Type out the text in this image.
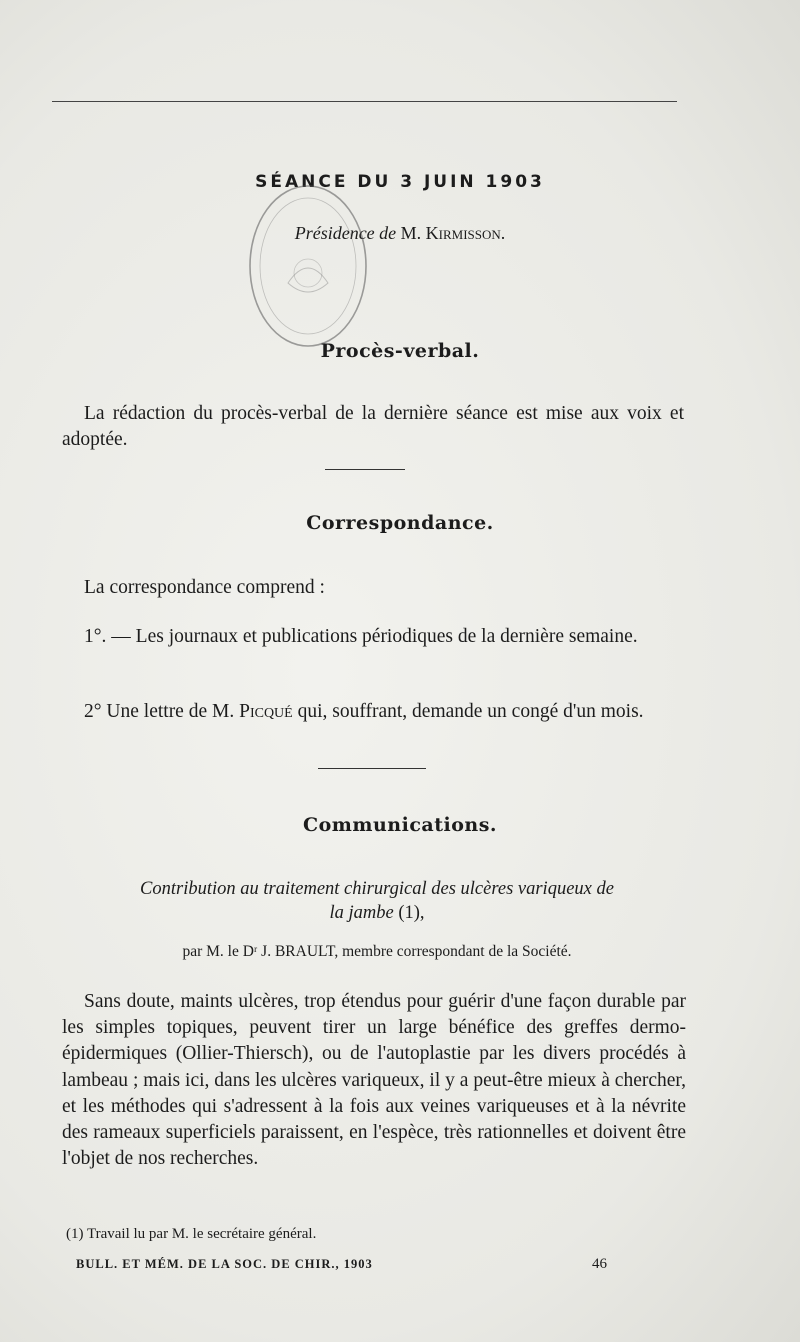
SÉANCE DU 3 JUIN 1903
Présidence de M. Kirmisson.
Procès-verbal.
La rédaction du procès-verbal de la dernière séance est mise aux voix et adoptée.
Correspondance.
La correspondance comprend :
1°. — Les journaux et publications périodiques de la dernière semaine.
2° Une lettre de M. Picqué qui, souffrant, demande un congé d'un mois.
Communications.
Contribution au traitement chirurgical des ulcères variqueux de
la jambe (1),
par M. le Dʳ J. BRAULT, membre correspondant de la Société.
Sans doute, maints ulcères, trop étendus pour guérir d'une façon durable par les simples topiques, peuvent tirer un large bénéfice des greffes dermo-épidermiques (Ollier-Thiersch), ou de l'autoplastie par les divers procédés à lambeau ; mais ici, dans les ulcères variqueux, il y a peut-être mieux à chercher, et les méthodes qui s'adressent à la fois aux veines variqueuses et à la névrite des rameaux superficiels paraissent, en l'espèce, très rationnelles et doivent être l'objet de nos recherches.
(1) Travail lu par M. le secrétaire général.
BULL. ET MÉM. DE LA SOC. DE CHIR., 1903	46
